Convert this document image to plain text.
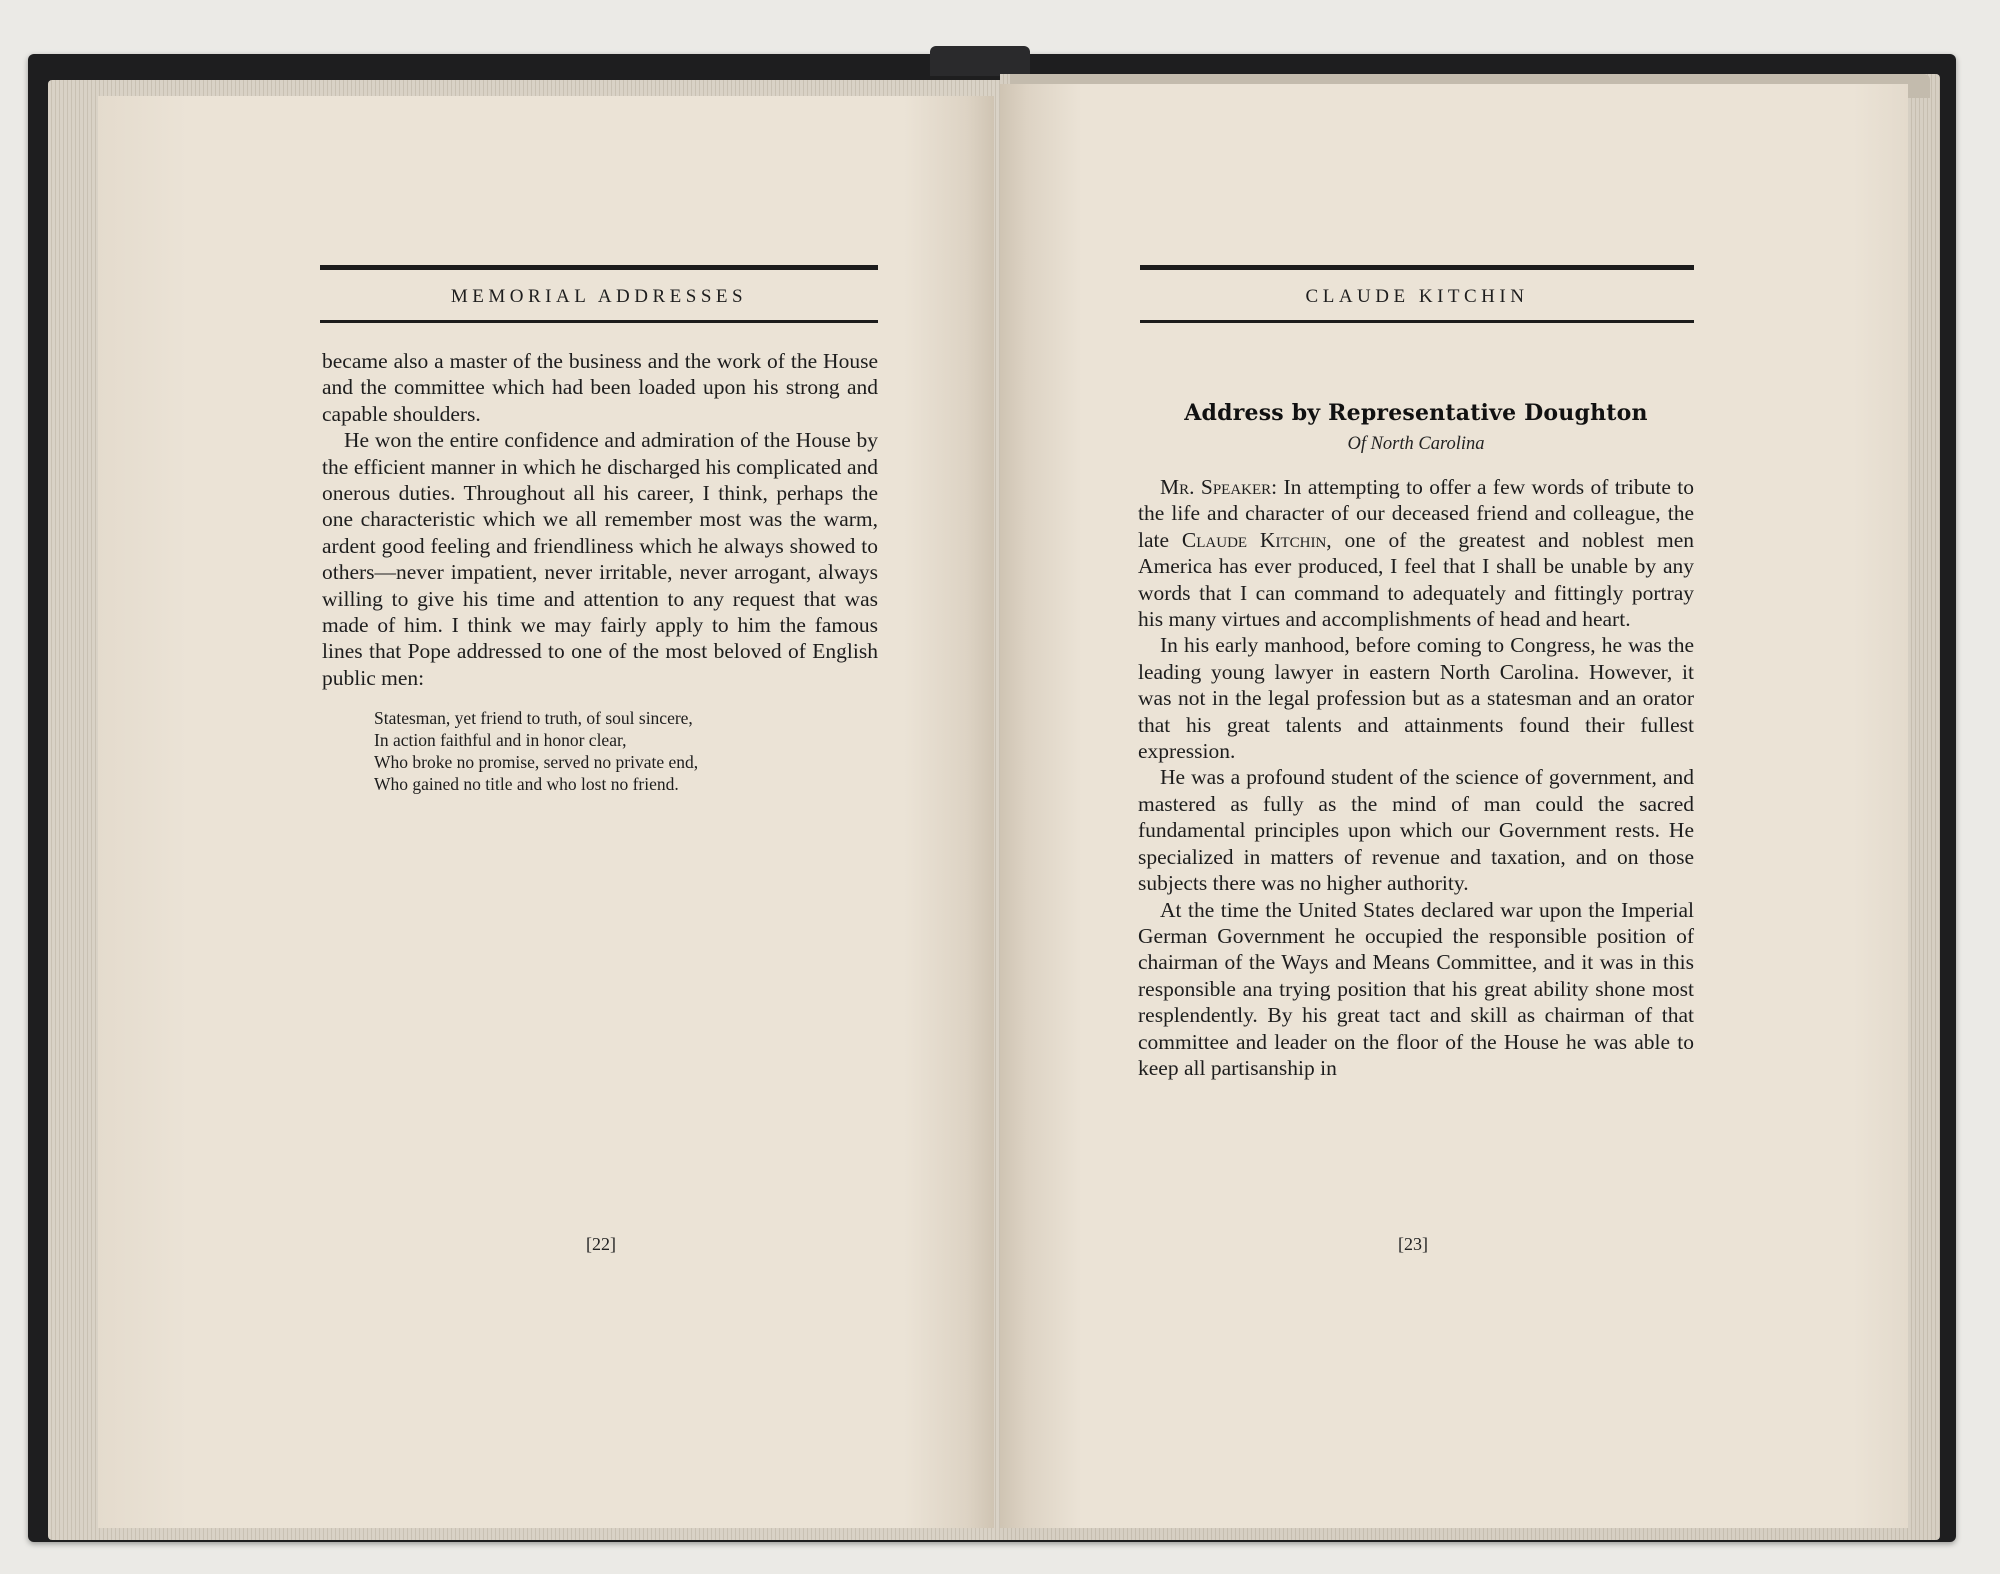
MEMORIAL ADDRESSES

became also a master of the business and the work of the House and the committee which had been loaded upon his strong and capable shoulders.

He won the entire confidence and admiration of the House by the efficient manner in which he discharged his complicated and onerous duties. Throughout all his career, I think, perhaps the one characteristic which we all remember most was the warm, ardent good feeling and friendliness which he always showed to others—never impatient, never irritable, never arrogant, always willing to give his time and attention to any request that was made of him. I think we may fairly apply to him the famous lines that Pope addressed to one of the most beloved of English public men:

Statesman, yet friend to truth, of soul sincere,
In action faithful and in honor clear,
Who broke no promise, served no private end,
Who gained no title and who lost no friend.
[22]
CLAUDE KITCHIN
Address by Representative Doughton
Of North Carolina

Mr. Speaker: In attempting to offer a few words of tribute to the life and character of our deceased friend and colleague, the late Claude Kitchin, one of the greatest and noblest men America has ever produced, I feel that I shall be unable by any words that I can command to adequately and fittingly portray his many virtues and accomplishments of head and heart.

In his early manhood, before coming to Congress, he was the leading young lawyer in eastern North Carolina. However, it was not in the legal profession but as a statesman and an orator that his great talents and attainments found their fullest expression.

He was a profound student of the science of government, and mastered as fully as the mind of man could the sacred fundamental principles upon which our Government rests. He specialized in matters of revenue and taxation, and on those subjects there was no higher authority.

At the time the United States declared war upon the Imperial German Government he occupied the responsible position of chairman of the Ways and Means Committee, and it was in this responsible ana trying position that his great ability shone most resplendently. By his great tact and skill as chairman of that committee and leader on the floor of the House he was able to keep all partisanship in

[23]
